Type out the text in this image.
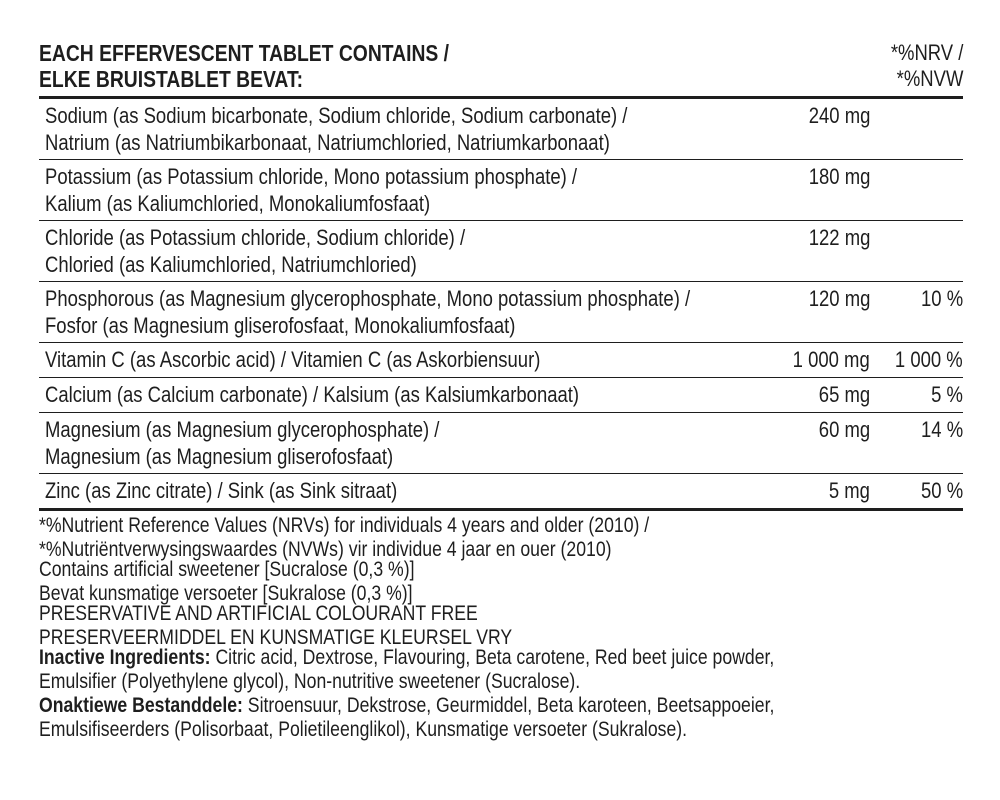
EACH EFFERVESCENT TABLET CONTAINS /
ELKE BRUISTABLET BEVAT:
*%NRV /
*%NVW
Sodium (as Sodium bicarbonate, Sodium chloride, Sodium carbonate) /
Natrium (as Natriumbikarbonaat, Natriumchloried, Natriumkarbonaat)
240 mg
Potassium (as Potassium chloride, Mono potassium phosphate) /
Kalium (as Kaliumchloried, Monokaliumfosfaat)
180 mg
Chloride (as Potassium chloride, Sodium chloride) /
Chloried (as Kaliumchloried, Natriumchloried)
122 mg
Phosphorous (as Magnesium glycerophosphate, Mono potassium phosphate) /
Fosfor (as Magnesium gliserofosfaat, Monokaliumfosfaat)
120 mg 10 %
Vitamin C (as Ascorbic acid) / Vitamien C (as Askorbiensuur)	1 000 mg 1 000 %
Calcium (as Calcium carbonate) / Kalsium (as Kalsiumkarbonaat)	65 mg	5 %
Magnesium (as Magnesium glycerophosphate) /
Magnesium (as Magnesium gliserofosfaat)
60 mg 14 %
Zinc (as Zinc citrate) / Sink (as Sink sitraat)	5 mg 50 %
*%Nutrient Reference Values (NRVs) for individuals 4 years and older (2010) /
*%Nutriëntverwysingswaardes (NVWs) vir individue 4 jaar en ouer (2010)

Contains artificial sweetener [Sucralose (0,3 %)]
Bevat kunsmatige versoeter [Sukralose (0,3 %)]

PRESERVATIVE AND ARTIFICIAL COLOURANT FREE
PRESERVEERMIDDEL EN KUNSMATIGE KLEURSEL VRY

Inactive Ingredients: Citric acid, Dextrose, Flavouring, Beta carotene, Red beet juice powder,
Emulsifier (Polyethylene glycol), Non-nutritive sweetener (Sucralose).
Onaktiewe Bestanddele: Sitroensuur, Dekstrose, Geurmiddel, Beta karoteen, Beetsappoeier,
Emulsifiseerders (Polisorbaat, Polietileenglikol), Kunsmatige versoeter (Sukralose).
